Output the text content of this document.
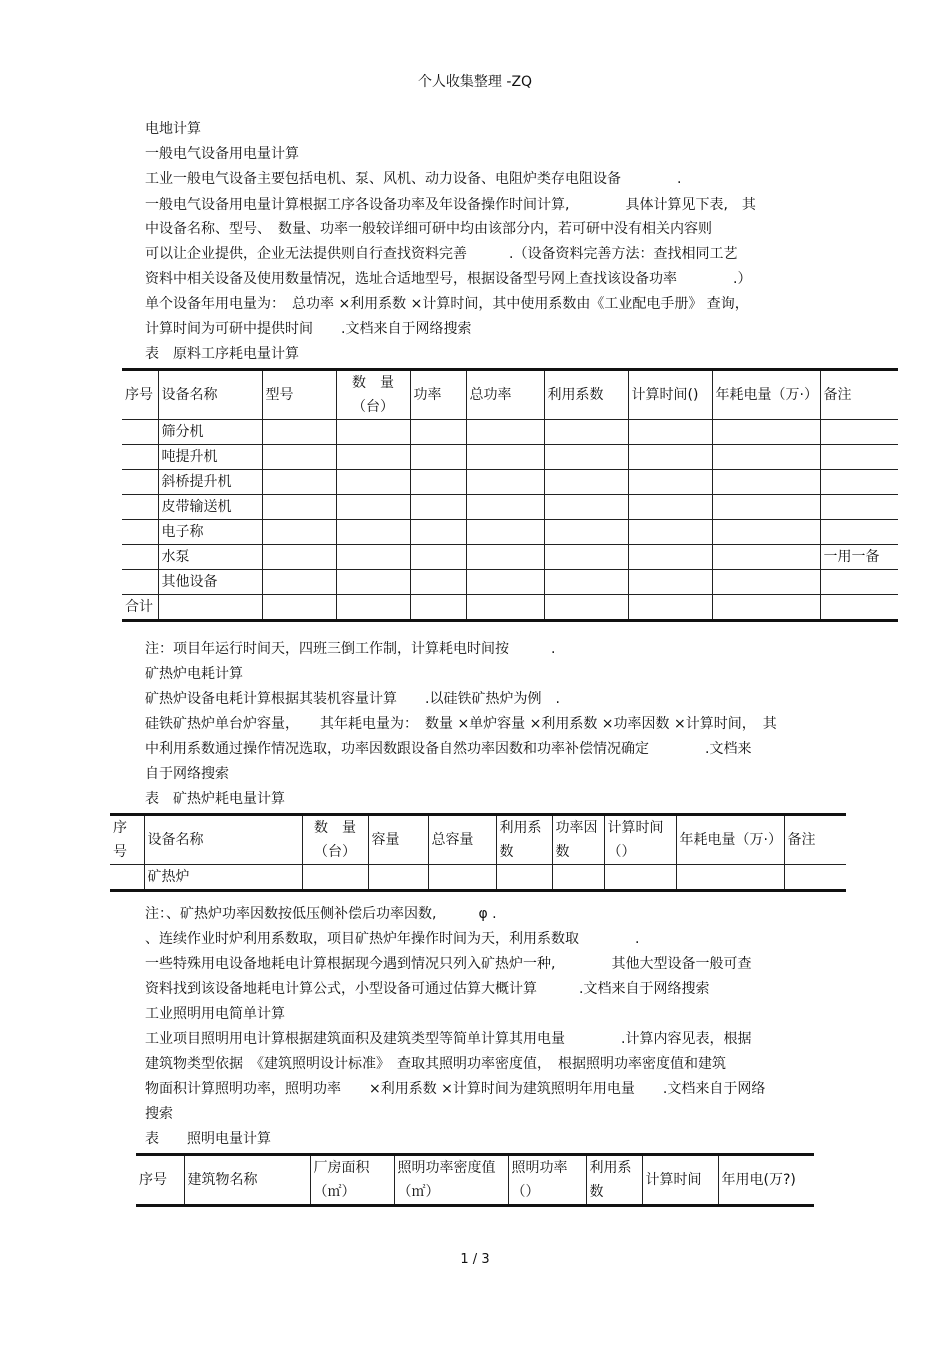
个人收集整理 -ZQ
电地计算
一般电气设备用电量计算
工业一般电气设备主要包括电机、泵、风机、动力设备、电阻炉类存电阻设备　　　　.
一般电气设备用电量计算根据工序各设备功率及年设备操作时间计算,　　　　具体计算见下表,　其
中设备名称、型号、　数量、功率一般较详细可研中均由该部分内，若可研中没有相关内容则
可以让企业提供，企业无法提供则自行查找资料完善　　　.（设备资料完善方法：查找相同工艺
资料中相关设备及使用数量情况，选址合适地型号，根据设备型号网上查找该设备功率　　　　.）
单个设备年用电量为：　总功率 ×利用系数 ×计算时间，其中使用系数由《工业配电手册》 查询，
计算时间为可研中提供时间　　.文档来自于网络搜索
表　原料工序耗电量计算
序号	设备名称	型号	数　量（台）	功率	总功率	利用系数	计算时间()	年耗电量（万·）	备注
	筛分机								
	吨提升机								
	斜桥提升机								
	皮带输送机								
	电子称								
	水泵								一用一备
	其他设备								
合计									
注：项目年运行时间天，四班三倒工作制，计算耗电时间按　　　.
矿热炉电耗计算
矿热炉设备电耗计算根据其装机容量计算　　.以硅铁矿热炉为例　.
硅铁矿热炉单台炉容量，　　其年耗电量为：　数量 ×单炉容量 ×利用系数 ×功率因数 ×计算时间，　其
中利用系数通过操作情况选取，功率因数跟设备自然功率因数和功率补偿情况确定　　　　.文档来
自于网络搜索
表　矿热炉耗电量计算
序号	设备名称	数　量（台）	容量	总容量	利用系数	功率因数	计算时间（）	年耗电量（万·）	备注
	矿热炉								
注：、矿热炉功率因数按低压侧补偿后功率因数,　　　φ .
、连续作业时炉利用系数取，项目矿热炉年操作时间为天，利用系数取　　　　.
一些特殊用电设备地耗电计算根据现今遇到情况只列入矿热炉一种,　　　　其他大型设备一般可查
资料找到该设备地耗电计算公式，小型设备可通过估算大概计算　　　.文档来自于网络搜索
工业照明用电简单计算
工业项目照明用电计算根据建筑面积及建筑类型等简单计算其用电量　　　　.计算内容见表，根据
建筑物类型依据　《建筑照明设计标准》　查取其照明功率密度值，　根据照明功率密度值和建筑
物面积计算照明功率，照明功率　　×利用系数 ×计算时间为建筑照明年用电量　　.文档来自于网络
搜索
表　　照明电量计算
序号	建筑物名称	厂房面积（㎡）	照明功率密度值（㎡）	照明功率（）	利用系数	计算时间	年用电(万?)
1 / 3
